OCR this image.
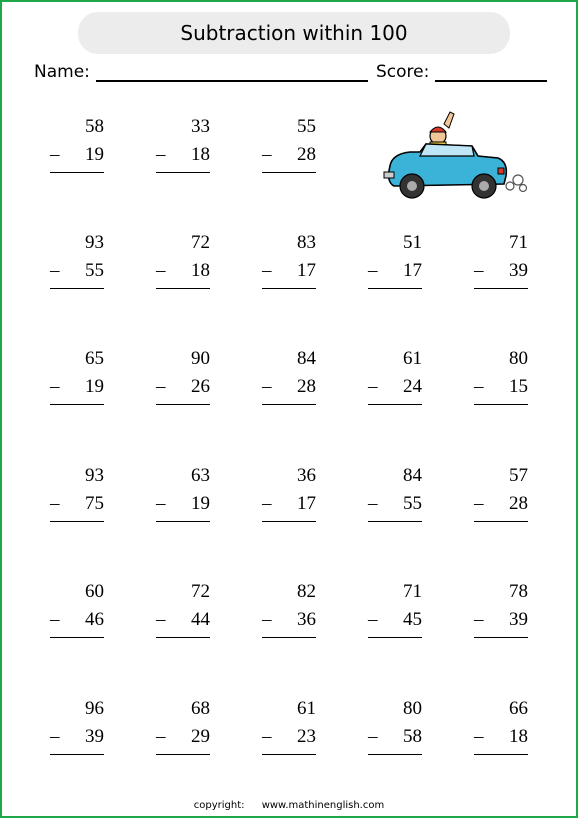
Subtraction within 100
Name:	Score:
58
– 19
33
– 18
55
– 28
93
– 55
72
– 18
83
– 17
51
– 17
71
– 39
65
– 19
90
– 26
84
– 28
61
– 24
80
– 15
93
– 75
63
– 19
36
– 17
84
– 55
57
– 28
60
– 46
72
– 44
82
– 36
71
– 45
78
– 39
96
– 39
68
– 29
61
– 23
80
– 58
66
– 18
copyright: www.mathinenglish.com
